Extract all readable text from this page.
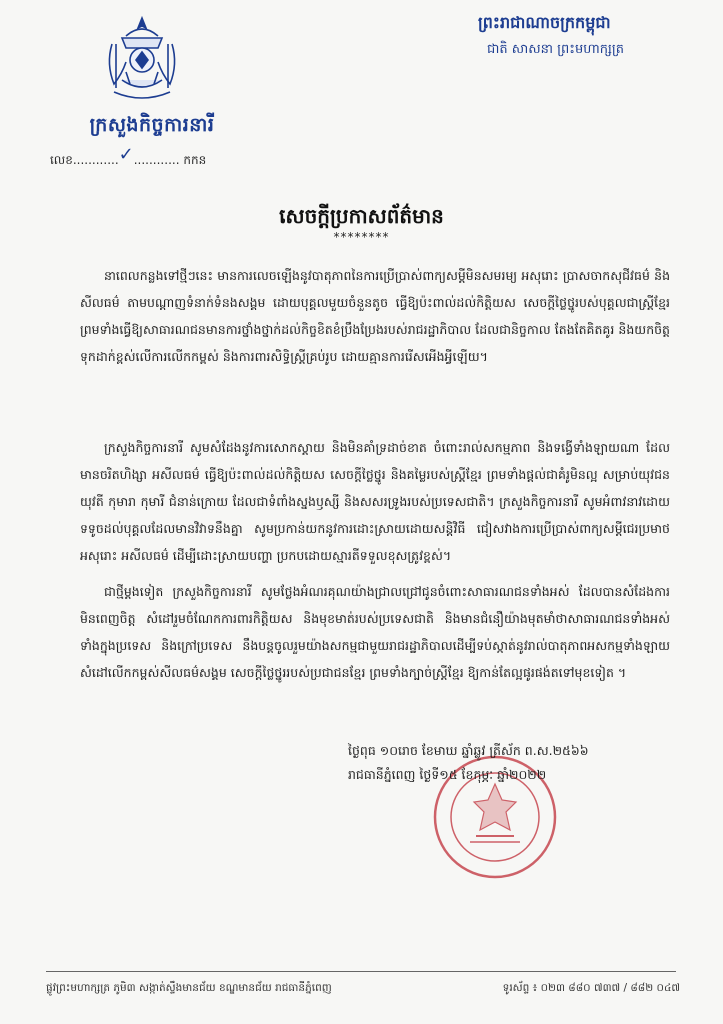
ក្រសួងកិច្ចការនារី
លេខ............✓............ កកន
ព្រះរាជាណាចក្រកម្ពុជា
ជាតិ សាសនា ព្រះមហាក្សត្រ
សេចក្តីប្រកាសព័ត៌មាន
********
នាពេលកន្លងទៅថ្មីៗនេះ មានការលេចឡើងនូវបាតុភាពនៃការប្រើប្រាស់ពាក្យសម្ដីមិនសមរម្យ អសុរោះ ប្រាសចាកសុជីវធម៌ និងសីលធម៌ តាមបណ្ដាញទំនាក់ទំនងសង្គម ដោយបុគ្គលមួយចំនួនតូច ធ្វើឱ្យប៉ះពាល់ដល់កិត្តិយស សេចក្តីថ្លៃថ្នូរបស់បុគ្គលជាស្ត្រីខ្មែរ ព្រមទាំងធ្វើឱ្យសាធារណជនមានការថ្នាំងថ្នាក់ដល់កិច្ចខិតខំប្រឹងប្រែងរបស់រាជរដ្ឋាភិបាល ដែលជានិច្ចកាល តែងតែគិតគូរ និងយកចិត្តទុកដាក់ខ្ពស់លើការលើកកម្ពស់ និងការពារសិទ្ធិស្ត្រីគ្រប់រូប ដោយគ្មានការរើសអើងអ្វីឡើយ។
ក្រសួងកិច្ចការនារី សូមសំដែងនូវការសោកស្ដាយ និងមិនគាំទ្រដាច់ខាត ចំពោះរាល់សកម្មភាព និងទង្វើទាំងឡាយណា ដែលមានចរិតហិង្សា អសីលធម៌ ធ្វើឱ្យប៉ះពាល់ដល់កិត្តិយស សេចក្តីថ្លៃថ្នូរ និងគម្លៃរបស់ស្ត្រីខ្មែរ ព្រមទាំងផ្តល់ជាគំរូមិនល្អ សម្រាប់យុវជន យុវតី កុមារា កុមារី ជំនាន់ក្រោយ ដែលជាទំពាំងស្នងឫស្សី និងសសរទ្រូងរបស់ប្រទេសជាតិ។ ក្រសួងកិច្ចការនារី សូមអំពាវនាវដោយទទូចដល់បុគ្គលដែលមានវិវាទនឹងគ្នា សូមប្រកាន់យកនូវការដោះស្រាយដោយសន្តិវិធី ជៀសវាងការប្រើប្រាស់ពាក្យសម្ដីជេរប្រមាថ អសុរោះ អសីលធម៌ ដើម្បីដោះស្រាយបញ្ហា ប្រកបដោយស្មារតីទទួលខុសត្រូវខ្ពស់។
ជាថ្មីម្ដងទៀត ក្រសួងកិច្ចការនារី សូមថ្លែងអំណរគុណយ៉ាងជ្រាលជ្រៅជូនចំពោះសាធារណជនទាំងអស់ ដែលបានសំដែងការមិនពេញចិត្ត សំដៅរួមចំណែកការពារកិត្តិយស និងមុខមាត់របស់ប្រទេសជាតិ និងមានជំនឿយ៉ាងមុតមាំថាសាធារណជនទាំងអស់ ទាំងក្នុងប្រទេស និងក្រៅប្រទេស នឹងបន្តចូលរួមយ៉ាងសកម្មជាមួយរាជរដ្ឋាភិបាលដើម្បីទប់ស្កាត់នូវរាល់បាតុភាពអសកម្មទាំងឡាយ សំដៅលើកកម្ពស់សីលធម៌សង្គម សេចក្តីថ្លៃថ្នូររបស់ប្រជាជនខ្មែរ ព្រមទាំងក្បាច់ស្ត្រីខ្មែរ ឱ្យកាន់តែល្អផូរផង់តទៅមុខទៀត ។
ថ្ងៃពុធ ១០រោច ខែមាឃ ឆ្នាំឆ្លូវ ត្រីស័ក ព.ស.២៥៦៦
រាជធានីភ្នំពេញ ថ្ងៃទី១៥ ខែកុម្ភៈ ឆ្នាំ២០២២
ផ្លូវព្រះមហាក្សត្រ ភូមិ៣ សង្កាត់ស្ទឹងមានជ័យ ខណ្ឌមានជ័យ រាជធានីភ្នំពេញ	ទូរស័ព្ទ ៖ ០២៣ ៨៨០ ៧៣៧ / ៨៨២ ០៤៧
